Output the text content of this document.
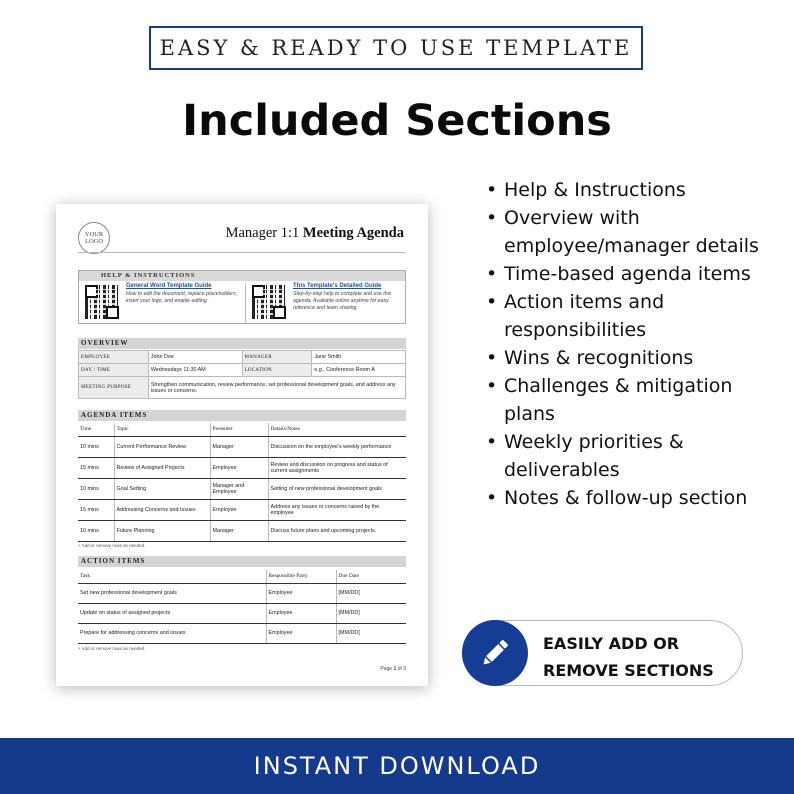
EASY & READY TO USE TEMPLATE
Included Sections
YOUR
LOGO
Manager 1:1 Meeting Agenda
HELP & INSTRUCTIONS
General Word Template Guide
How to edit the document, replace placeholders, insert your logo, and enable editing
This Template's Detailed Guide
Step-by-step help to complete and use this agenda. Available online anytime for easy reference and team sharing.
OVERVIEW
EMPLOYEE	John Doe	MANAGER	Jane Smith
DAY / TIME	Wednesdays 11:30 AM	LOCATION	e.g., Conference Room A
MEETING PURPOSE	Strengthen communication, review performance, set professional development goals, and address any issues or concerns.		
AGENDA ITEMS
Time	Topic	Presenter	Details/Notes
10 mins	Current Performance Review	Manager	Discussion on the employee's weekly performance
15 mins	Review of Assigned Projects	Employee	Review and discussion on progress and status of current assignments
10 mins	Goal Setting	Manager and Employee	Setting of new professional development goals
15 mins	Addressing Concerns and Issues	Employee	Address any issues or concerns raised by the employee
10 mins	Future Planning	Manager	Discuss future plans and upcoming projects.
+ Add or remove rows as needed.
ACTION ITEMS
Task	Responsible Party	Due Date
Set new professional development goals	Employee	[MM/DD]
Update on status of assigned projects	Employee	[MM/DD]
Prepare for addressing concerns and issues	Employee	[MM/DD]
+ Add or remove rows as needed.
Page 1 of 3
• Help & Instructions
• Overview with employee/manager details
• Time-based agenda items
• Action items and responsibilities
• Wins & recognitions
• Challenges & mitigation plans
• Weekly priorities & deliverables
• Notes & follow-up section
EASILY ADD OR
REMOVE SECTIONS
INSTANT DOWNLOAD
